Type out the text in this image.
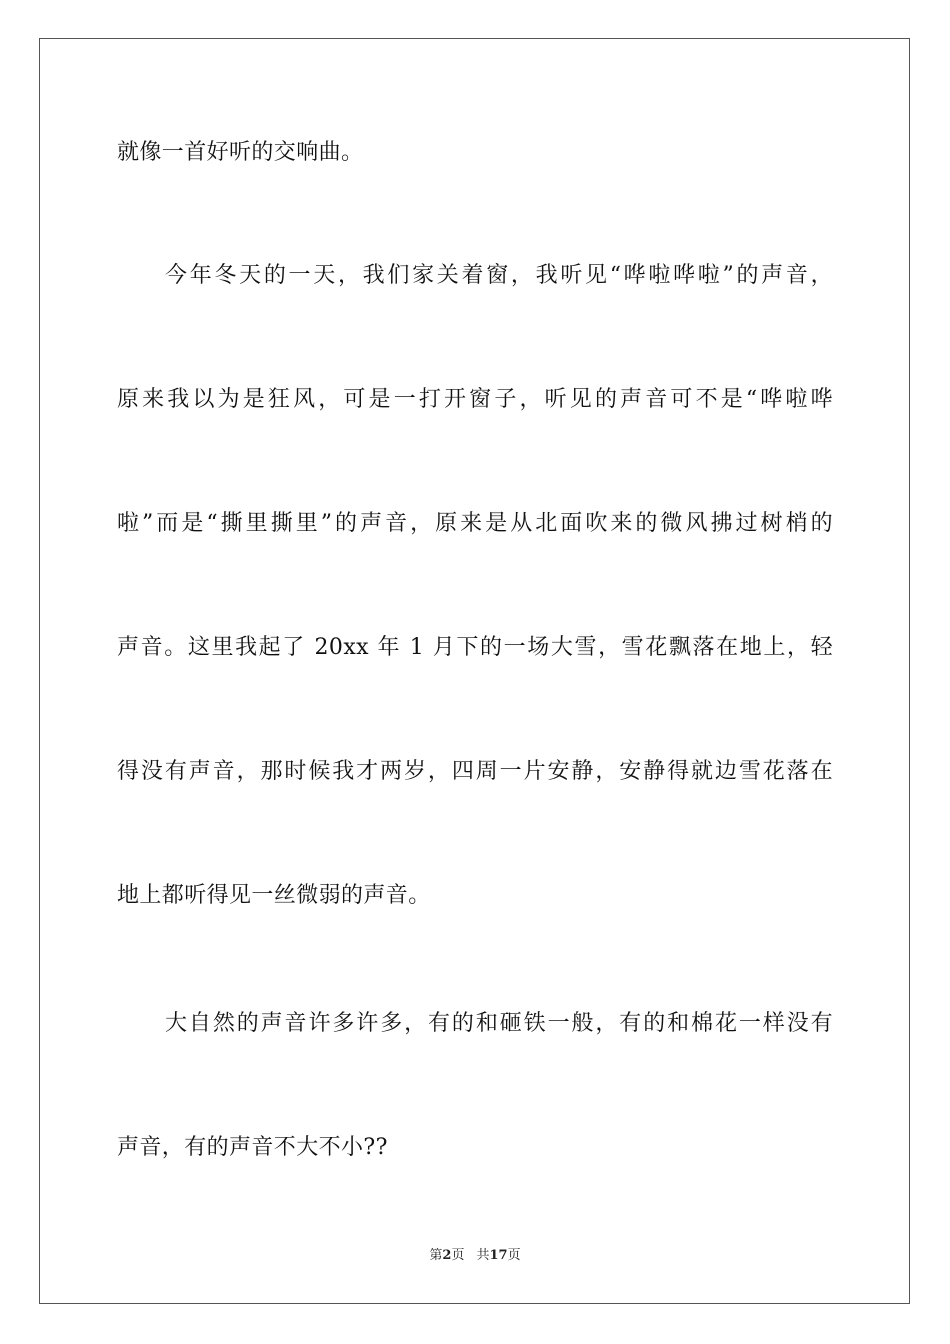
就像一首好听的交响曲。
今年冬天的一天，我们家关着窗，我听见“哗啦哗啦”的声音，
原来我以为是狂风，可是一打开窗子，听见的声音可不是“哗啦哗
啦”而是“撕里撕里”的声音，原来是从北面吹来的微风拂过树梢的
声音。这里我起了 20xx 年 1 月下的一场大雪，雪花飘落在地上，轻
得没有声音，那时候我才两岁，四周一片安静，安静得就边雪花落在
地上都听得见一丝微弱的声音。
大自然的声音许多许多，有的和砸铁一般，有的和棉花一样没有
声音，有的声音不大不小??
第2页 共17页
